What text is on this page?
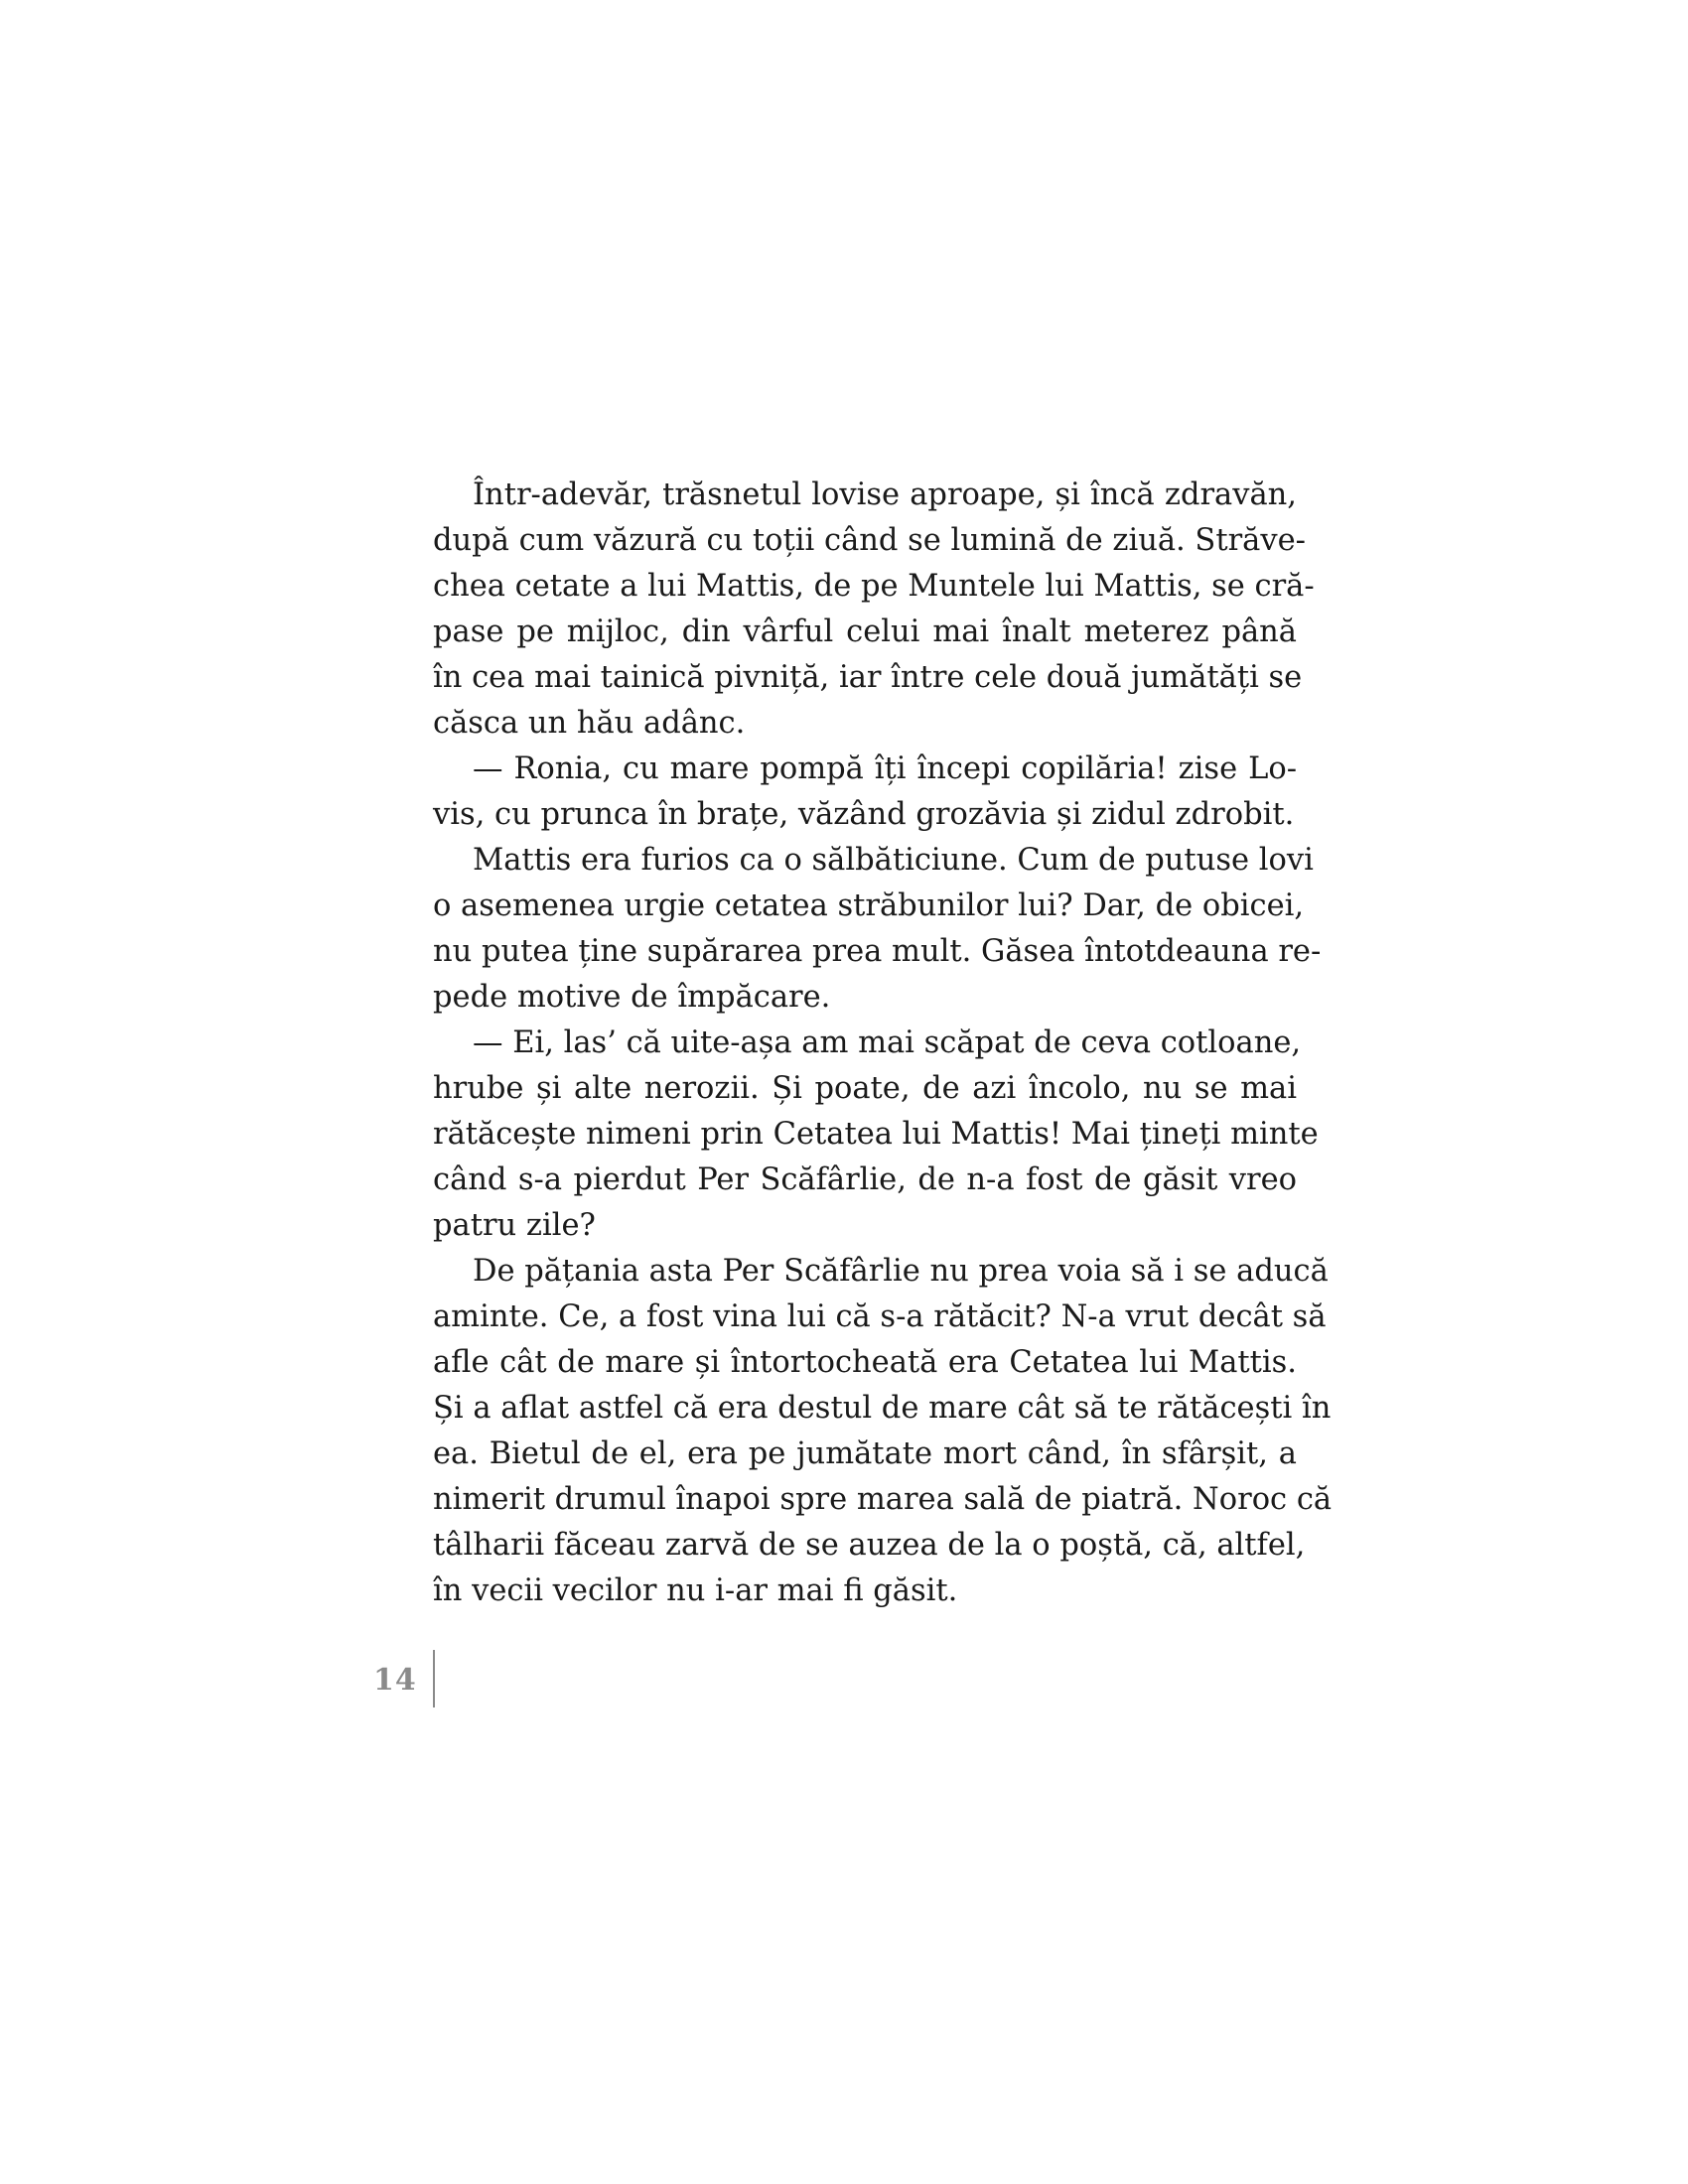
Într-adevăr, trăsnetul lovise aproape, și încă zdravăn,
după cum văzură cu toții când se lumină de ziuă. Străve-
chea cetate a lui Mattis, de pe Muntele lui Mattis, se cră-
pase pe mijloc, din vârful celui mai înalt meterez până
în cea mai tainică pivniță, iar între cele două jumătăți se
căsca un hău adânc.
— Ronia, cu mare pompă îți începi copilăria! zise Lo-
vis, cu prunca în brațe, văzând grozăvia și zidul zdrobit.
Mattis era furios ca o sălbăticiune. Cum de putuse lovi
o asemenea urgie cetatea străbunilor lui? Dar, de obicei,
nu putea ține supărarea prea mult. Găsea întotdeauna re-
pede motive de împăcare.
— Ei, las’ că uite-așa am mai scăpat de ceva cotloane,
hrube și alte nerozii. Și poate, de azi încolo, nu se mai
rătăcește nimeni prin Cetatea lui Mattis! Mai țineți minte
când s-a pierdut Per Scăfârlie, de n-a fost de găsit vreo
patru zile?
De pățania asta Per Scăfârlie nu prea voia să i se aducă
aminte. Ce, a fost vina lui că s-a rătăcit? N-a vrut decât să
afle cât de mare și întortocheată era Cetatea lui Mattis.
Și a aflat astfel că era destul de mare cât să te rătăcești în
ea. Bietul de el, era pe jumătate mort când, în sfârșit, a
nimerit drumul înapoi spre marea sală de piatră. Noroc că
tâlharii făceau zarvă de se auzea de la o poștă, că, altfel,
în vecii vecilor nu i-ar mai fi găsit.
14
